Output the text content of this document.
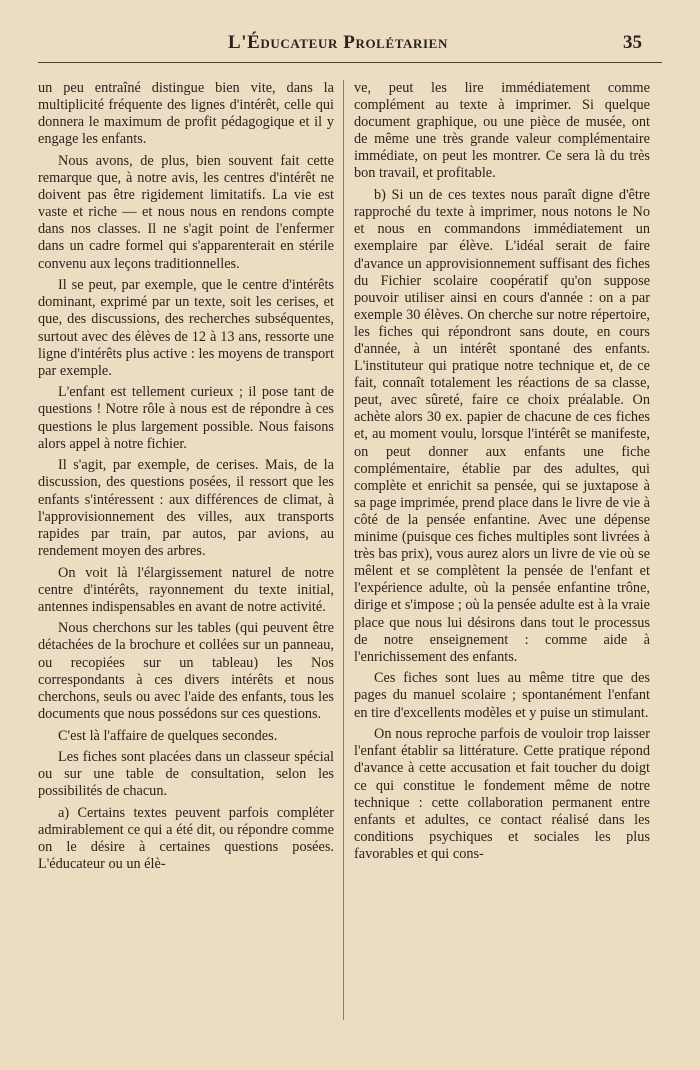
L'Éducateur Prolétarien	35

un peu entraîné distingue bien vite, dans la multiplicité fréquente des lignes d'intérêt, celle qui donnera le maximum de profit pédagogique et il y engage les enfants.

Nous avons, de plus, bien souvent fait cette remarque que, à notre avis, les centres d'intérêt ne doivent pas être rigidement limitatifs. La vie est vaste et riche — et nous nous en rendons compte dans nos classes. Il ne s'agit point de l'enfermer dans un cadre formel qui s'apparenterait en stérile convenu aux leçons traditionnelles.

Il se peut, par exemple, que le centre d'intérêts dominant, exprimé par un texte, soit les cerises, et que, des discussions, des recherches subséquentes, surtout avec des élèves de 12 à 13 ans, ressorte une ligne d'intérêts plus active : les moyens de transport par exemple.

L'enfant est tellement curieux ; il pose tant de questions ! Notre rôle à nous est de répondre à ces questions le plus largement possible. Nous faisons alors appel à notre fichier.

Il s'agit, par exemple, de cerises. Mais, de la discussion, des questions posées, il ressort que les enfants s'intéressent : aux différences de climat, à l'approvisionnement des villes, aux transports rapides par train, par autos, par avions, au rendement moyen des arbres.

On voit là l'élargissement naturel de notre centre d'intérêts, rayonnement du texte initial, antennes indispensables en avant de notre activité.

Nous cherchons sur les tables (qui peuvent être détachées de la brochure et collées sur un panneau, ou recopiées sur un tableau) les Nos correspondants à ces divers intérêts et nous cherchons, seuls ou avec l'aide des enfants, tous les documents que nous possédons sur ces questions.

C'est là l'affaire de quelques secondes.

Les fiches sont placées dans un classeur spécial ou sur une table de consultation, selon les possibilités de chacun.

a) Certains textes peuvent parfois compléter admirablement ce qui a été dit, ou répondre comme on le désire à certaines questions posées. L'éducateur ou un élè-

ve, peut les lire immédiatement comme complément au texte à imprimer. Si quelque document graphique, ou une pièce de musée, ont de même une très grande valeur complémentaire immédiate, on peut les montrer. Ce sera là du très bon travail, et profitable.

b) Si un de ces textes nous paraît digne d'être rapproché du texte à imprimer, nous notons le No et nous en commandons immédiatement un exemplaire par élève. L'idéal serait de faire d'avance un approvisionnement suffisant des fiches du Fichier scolaire coopératif qu'on suppose pouvoir utiliser ainsi en cours d'année : on a par exemple 30 élèves. On cherche sur notre répertoire, les fiches qui répondront sans doute, en cours d'année, à un intérêt spontané des enfants. L'instituteur qui pratique notre technique et, de ce fait, connaît totalement les réactions de sa classe, peut, avec sûreté, faire ce choix préalable. On achète alors 30 ex. papier de chacune de ces fiches et, au moment voulu, lorsque l'intérêt se manifeste, on peut donner aux enfants une fiche complémentaire, établie par des adultes, qui complète et enrichit sa pensée, qui se juxtapose à sa page imprimée, prend place dans le livre de vie à côté de la pensée enfantine. Avec une dépense minime (puisque ces fiches multiples sont livrées à très bas prix), vous aurez alors un livre de vie où se mêlent et se complètent la pensée de l'enfant et l'expérience adulte, où la pensée enfantine trône, dirige et s'impose ; où la pensée adulte est à la vraie place que nous lui désirons dans tout le processus de notre enseignement : comme aide à l'enrichissement des enfants.

Ces fiches sont lues au même titre que des pages du manuel scolaire ; spontanément l'enfant en tire d'excellents modèles et y puise un stimulant.

On nous reproche parfois de vouloir trop laisser l'enfant établir sa littérature. Cette pratique répond d'avance à cette accusation et fait toucher du doigt ce qui constitue le fondement même de notre technique : cette collaboration permanent entre enfants et adultes, ce contact réalisé dans les conditions psychiques et sociales les plus favorables et qui cons-
